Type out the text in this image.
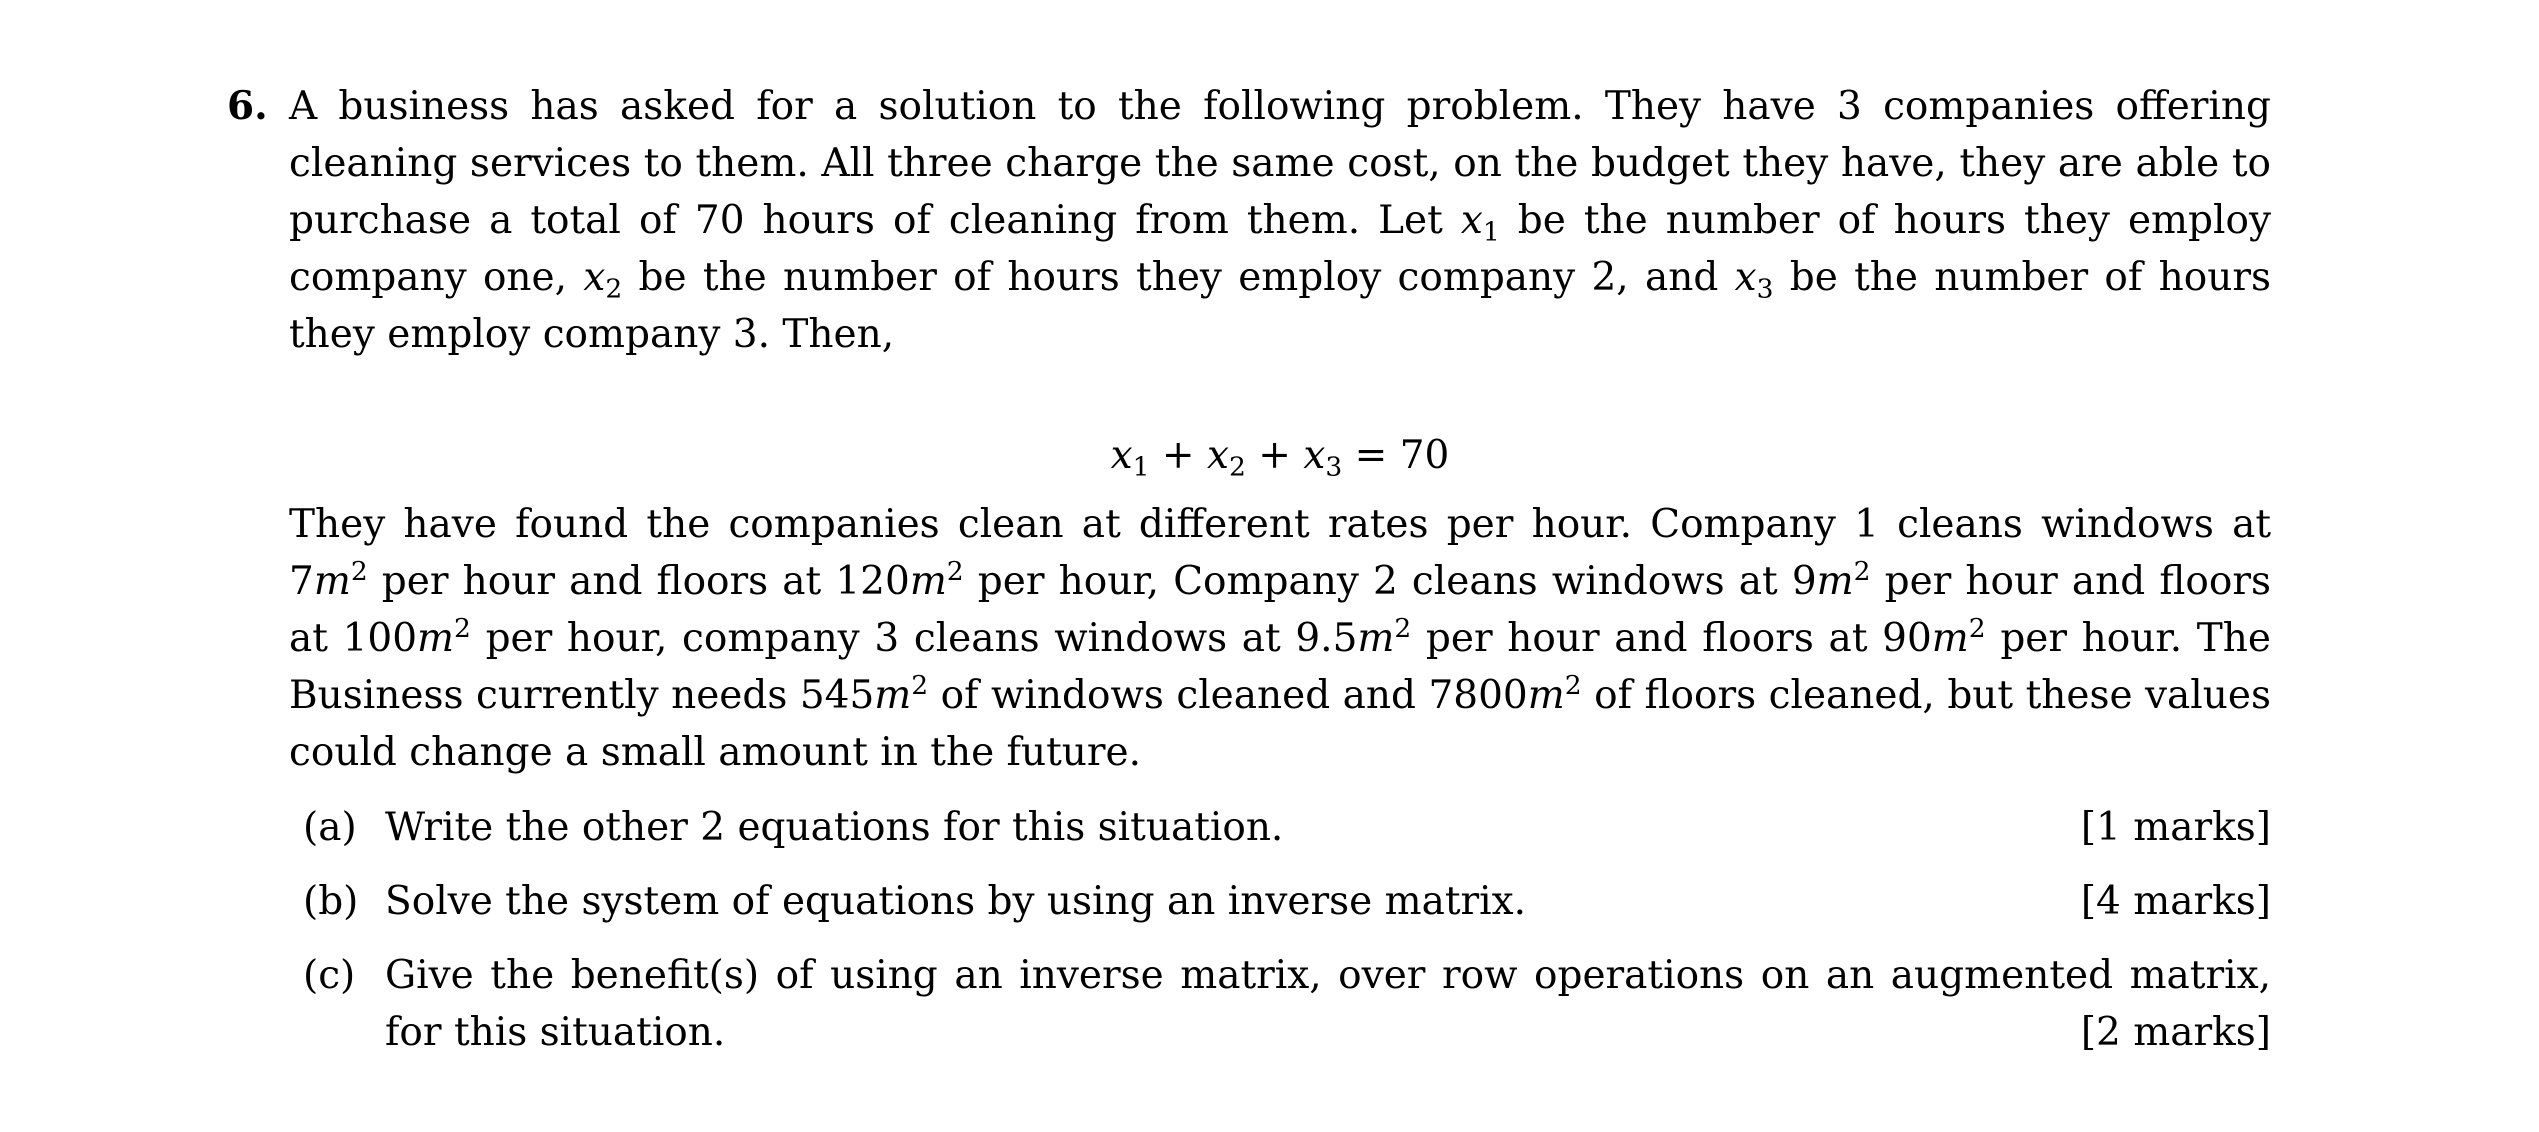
6. A business has asked for a solution to the following problem. They have 3 companies offering cleaning services to them. All three charge the same cost, on the budget they have, they are able to purchase a total of 70 hours of cleaning from them. Let $x_1$ be the number of hours they employ company one, $x_2$ be the number of hours they employ company 2, and $x_3$ be the number of hours they employ company 3. Then,

$x_1 + x_2 + x_3 = 70$

They have found the companies clean at different rates per hour. Company 1 cleans windows at $7m^2$ per hour and floors at $120m^2$ per hour, Company 2 cleans windows at $9m^2$ per hour and floors at $100m^2$ per hour, company 3 cleans windows at $9.5m^2$ per hour and floors at $90m^2$ per hour. The Business currently needs $545m^2$ of windows cleaned and $7800m^2$ of floors cleaned, but these values could change a small amount in the future.

(a) Write the other 2 equations for this situation.	[1 marks]
(b) Solve the system of equations by using an inverse matrix.	[4 marks]
(c) Give the benefit(s) of using an inverse matrix, over row operations on an augmented matrix,
for this situation.	[2 marks]
